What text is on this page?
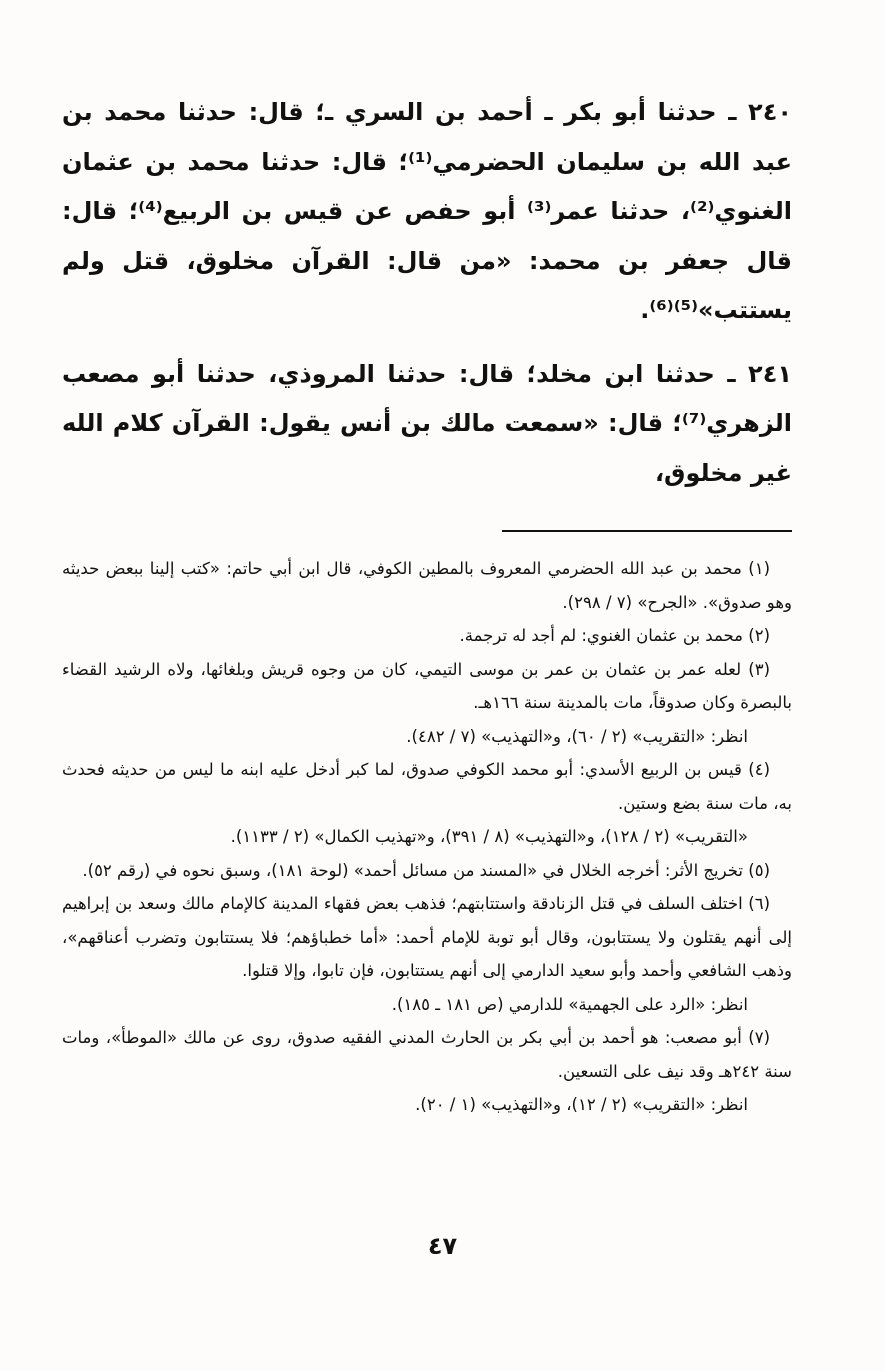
٢٤٠ ـ حدثنا أبو بكر ـ أحمد بن السري ـ؛ قال: حدثنا محمد بن عبد الله بن سليمان الحضرمي⁽¹⁾؛ قال: حدثنا محمد بن عثمان الغنوي⁽²⁾، حدثنا عمر⁽³⁾ أبو حفص عن قيس بن الربيع⁽⁴⁾؛ قال: قال جعفر بن محمد: «من قال: القرآن مخلوق، قتل ولم يستتب»⁽⁵⁾⁽⁶⁾.

٢٤١ ـ حدثنا ابن مخلد؛ قال: حدثنا المروذي، حدثنا أبو مصعب الزهري⁽⁷⁾؛ قال: «سمعت مالك بن أنس يقول: القرآن كلام الله غير مخلوق،

(١) محمد بن عبد الله الحضرمي المعروف بالمطين الكوفي، قال ابن أبي حاتم: «كتب إلينا ببعض حديثه وهو صدوق». «الجرح» (٧ / ٢٩٨).

(٢) محمد بن عثمان الغنوي: لم أجد له ترجمة.

(٣) لعله عمر بن عثمان بن عمر بن موسى التيمي، كان من وجوه قريش وبلغائها، ولاه الرشيد القضاء بالبصرة وكان صدوقاً، مات بالمدينة سنة ١٦٦هـ.

انظر: «التقريب» (٢ / ٦٠)، و«التهذيب» (٧ / ٤٨٢).

(٤) قيس بن الربيع الأسدي: أبو محمد الكوفي صدوق، لما كبر أدخل عليه ابنه ما ليس من حديثه فحدث به، مات سنة بضع وستين.

«التقريب» (٢ / ١٢٨)، و«التهذيب» (٨ / ٣٩١)، و«تهذيب الكمال» (٢ / ١١٣٣).

(٥) تخريج الأثر: أخرجه الخلال في «المسند من مسائل أحمد» (لوحة ١٨١)، وسبق نحوه في (رقم ٥٢).

(٦) اختلف السلف في قتل الزنادقة واستتابتهم؛ فذهب بعض فقهاء المدينة كالإمام مالك وسعد بن إبراهيم إلى أنهم يقتلون ولا يستتابون، وقال أبو توبة للإمام أحمد: «أما خطباؤهم؛ فلا يستتابون وتضرب أعناقهم»، وذهب الشافعي وأحمد وأبو سعيد الدارمي إلى أنهم يستتابون، فإن تابوا، وإلا قتلوا.

انظر: «الرد على الجهمية» للدارمي (ص ١٨١ ـ ١٨٥).

(٧) أبو مصعب: هو أحمد بن أبي بكر بن الحارث المدني الفقيه صدوق، روى عن مالك «الموطأ»، ومات سنة ٢٤٢هـ وقد نيف على التسعين.

انظر: «التقريب» (٢ / ١٢)، و«التهذيب» (١ / ٢٠).

٤٧
